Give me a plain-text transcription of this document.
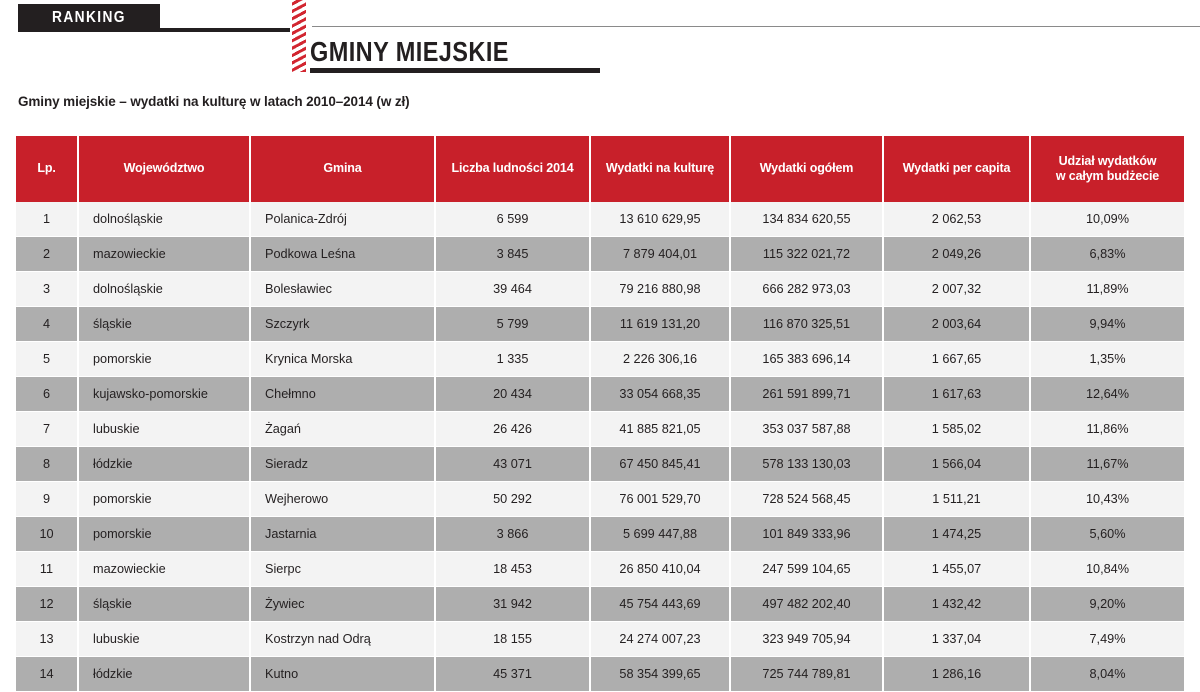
RANKING
GMINY MIEJSKIE
Gminy miejskie – wydatki na kulturę w latach 2010–2014 (w zł)
Lp.	Województwo	Gmina	Liczba ludności 2014	Wydatki na kulturę	Wydatki ogółem	Wydatki per capita	Udział wydatków
w całym budżecie
1	dolnośląskie	Polanica-Zdrój	6 599	13 610 629,95	134 834 620,55	2 062,53	10,09%
2	mazowieckie	Podkowa Leśna	3 845	7 879 404,01	115 322 021,72	2 049,26	6,83%
3	dolnośląskie	Bolesławiec	39 464	79 216 880,98	666 282 973,03	2 007,32	11,89%
4	śląskie	Szczyrk	5 799	11 619 131,20	116 870 325,51	2 003,64	9,94%
5	pomorskie	Krynica Morska	1 335	2 226 306,16	165 383 696,14	1 667,65	1,35%
6	kujawsko-pomorskie	Chełmno	20 434	33 054 668,35	261 591 899,71	1 617,63	12,64%
7	lubuskie	Żagań	26 426	41 885 821,05	353 037 587,88	1 585,02	11,86%
8	łódzkie	Sieradz	43 071	67 450 845,41	578 133 130,03	1 566,04	11,67%
9	pomorskie	Wejherowo	50 292	76 001 529,70	728 524 568,45	1 511,21	10,43%
10	pomorskie	Jastarnia	3 866	5 699 447,88	101 849 333,96	1 474,25	5,60%
11	mazowieckie	Sierpc	18 453	26 850 410,04	247 599 104,65	1 455,07	10,84%
12	śląskie	Żywiec	31 942	45 754 443,69	497 482 202,40	1 432,42	9,20%
13	lubuskie	Kostrzyn nad Odrą	18 155	24 274 007,23	323 949 705,94	1 337,04	7,49%
14	łódzkie	Kutno	45 371	58 354 399,65	725 744 789,81	1 286,16	8,04%
